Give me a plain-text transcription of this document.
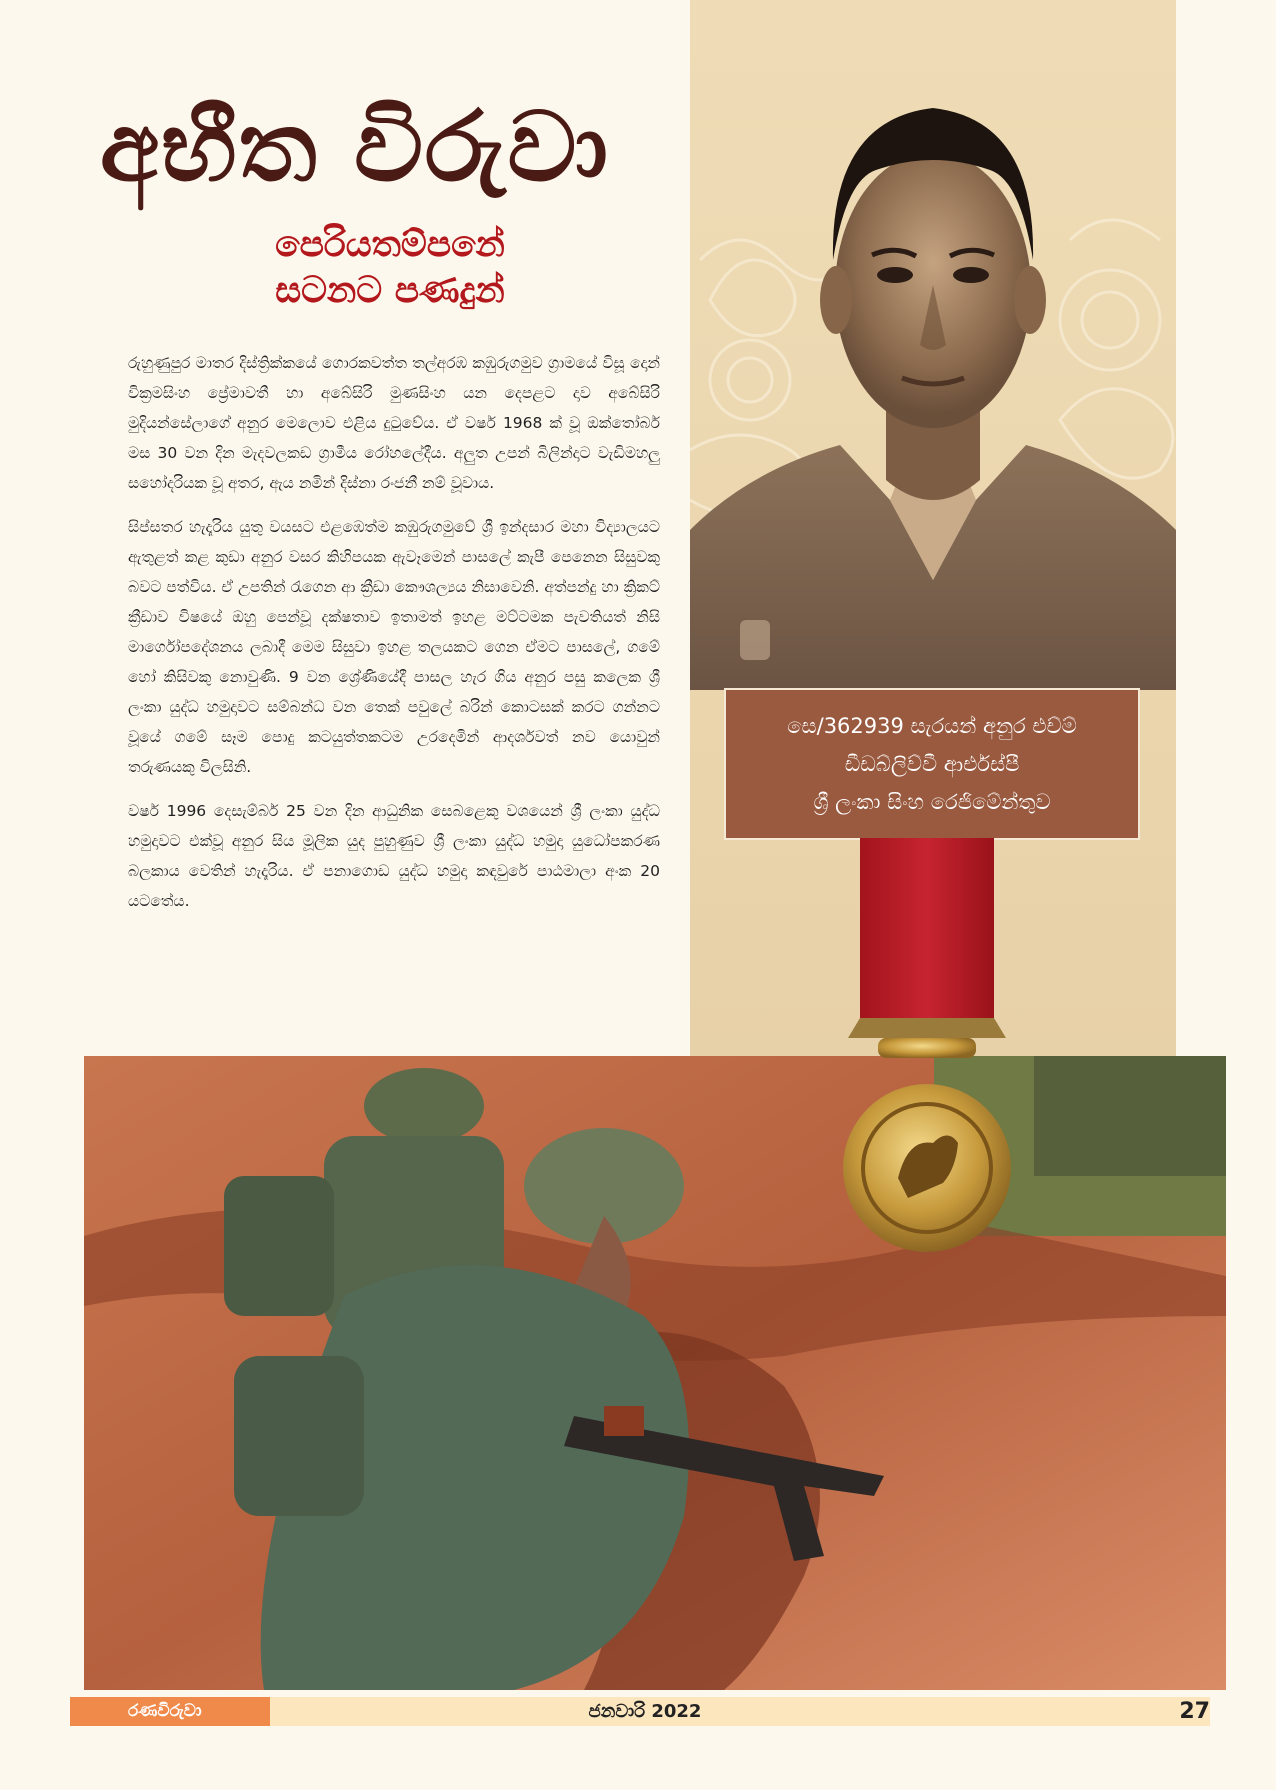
අභීත විරුවා
පෙරියතම්පනේ
සටනට පණදුන්

රුහුණුපුර මාතර දිස්ත්‍රික්කයේ ගොරකවත්ත තල්අරඹ කඹුරුගමුව ග්‍රාමයේ විසූ දොන් වික්‍රමසිංහ ප්‍රේමාවතී හා අබේසිරි මුණසිංහ යන දෙපළට දාව අබේසිරි මුදියන්සේලාගේ අනුර මෙලොව එළිය දුටුවේය. ඒ වර්ෂ 1968 ක් වූ ඔක්තෝබර් මස 30 වන දින මැදවලකඩ ග්‍රාමීය රෝහලේදීය. අලුත උපන් බිලින්දාට වැඩිමහලු සහෝදරියක වූ අතර, ඇය නමින් දිස්නා රංජනී නම් වූවාය.

සිප්සතර හැදෑරිය යුතු වයසට එළඹෙත්ම කඹුරුගමුවේ ශ්‍රී ඉන්දසාර මහා විද්‍යාලයට ඇතුළත් කළ කුඩා අනුර වසර කිහිපයක ඇවෑමෙන් පාසලේ කැපී පෙනෙන සිසුවකු බවට පත්විය. ඒ උපතින් රැගෙන ආ ක්‍රීඩා කෞශල්‍යය නිසාවෙනි. අත්පන්දු හා ක්‍රිකට් ක්‍රීඩාව විෂයේ ඔහු පෙන්වූ දක්ෂතාව ඉතාමත් ඉහළ මට්ටමක පැවතියත් නිසි මාර්ගෝපදේශනය ලබාදී මෙම සිසුවා ඉහළ තලයකට ගෙන ඒමට පාසලේ, ගමේ හෝ කිසිවකු නොවුණි. 9 වන ශ්‍රේණියේදී පාසල හැර ගිය අනුර පසු කලෙක ශ්‍රී ලංකා යුද්ධ හමුදාවට සම්බන්ධ වන තෙක් පවුලේ බරින් කොටසක් කරට ගන්නට වූයේ ගමේ සෑම පොදු කටයුත්තකටම උරදෙමින් ආදර්ශවත් නව යොවුන් තරුණයකු විලසිනි.

වර්ෂ 1996 දෙසැම්බර් 25 වන දින ආධුනික සෙබළෙකු වශයෙන් ශ්‍රී ලංකා යුද්ධ හමුදාවට එක්වූ අනුර සිය මූලික යුද පුහුණුව ශ්‍රී ලංකා යුද්ධ හමුදා යුධෝපකරණ බලකාය වෙතින් හැදෑරිය. ඒ පනාගොඩ යුද්ධ හමුදා කඳවුරේ පාඨමාලා අංක 20 යටතේය.

සෙ/362939 සැරයන් අනුර එච්ම්
ඩීඩබ්ලිව්වී ආර්එස්පී
ශ්‍රී ලංකා සිංහ රෙජිමේන්තුව
රණවිරුවා	ජනවාරි 2022	27
